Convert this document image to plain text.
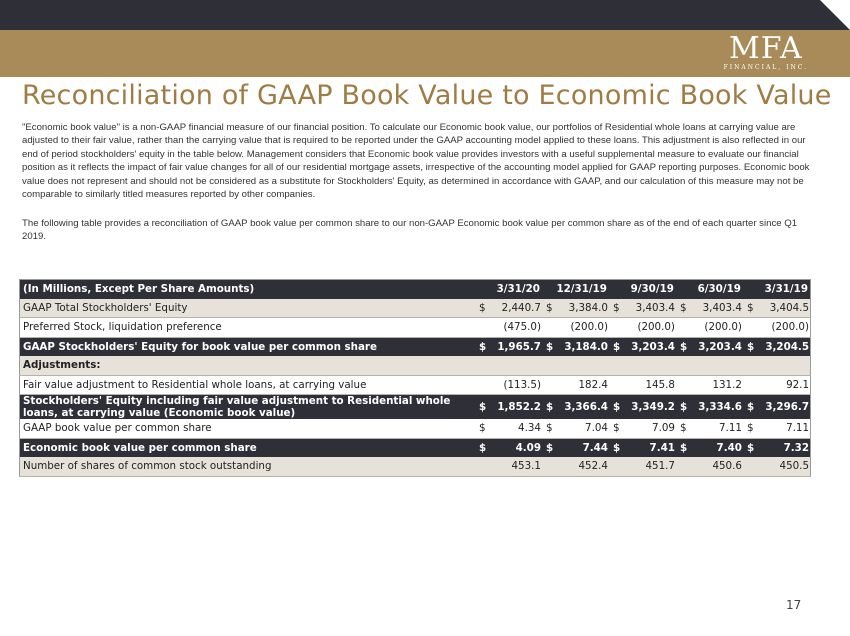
MFA
FINANCIAL, INC.
Reconciliation of GAAP Book Value to Economic Book Value

"Economic book value" is a non-GAAP financial measure of our financial position. To calculate our Economic book value, our portfolios of Residential whole loans at carrying value are adjusted to their fair value, rather than the carrying value that is required to be reported under the GAAP accounting model applied to these loans. This adjustment is also reflected in our end of period stockholders' equity in the table below. Management considers that Economic book value provides investors with a useful supplemental measure to evaluate our financial position as it reflects the impact of fair value changes for all of our residential mortgage assets, irrespective of the accounting model applied for GAAP reporting purposes. Economic book value does not represent and should not be considered as a substitute for Stockholders' Equity, as determined in accordance with GAAP, and our calculation of this measure may not be comparable to similarly titled measures reported by other companies.

The following table provides a reconciliation of GAAP book value per common share to our non-GAAP Economic book value per common share as of the end of each quarter since Q1 2019.

(In Millions, Except Per Share Amounts)	3/31/20		12/31/19		9/30/19		6/30/19		3/31/19	
GAAP Total Stockholders' Equity	$	2,440.7	$	3,384.0	$	3,403.4	$	3,403.4	$	3,404.5
Preferred Stock, liquidation preference		(475.0)		(200.0)		(200.0)		(200.0)		(200.0)
GAAP Stockholders' Equity for book value per common share	$	1,965.7	$	3,184.0	$	3,203.4	$	3,203.4	$	3,204.5
Adjustments:										
Fair value adjustment to Residential whole loans, at carrying value		(113.5)		182.4		145.8		131.2		92.1
Stockholders' Equity including fair value adjustment to Residential whole loans, at carrying value (Economic book value)	$	1,852.2	$	3,366.4	$	3,349.2	$	3,334.6	$	3,296.7
GAAP book value per common share	$	4.34	$	7.04	$	7.09	$	7.11	$	7.11
Economic book value per common share	$	4.09	$	7.44	$	7.41	$	7.40	$	7.32
Number of shares of common stock outstanding		453.1		452.4		451.7		450.6		450.5
17
